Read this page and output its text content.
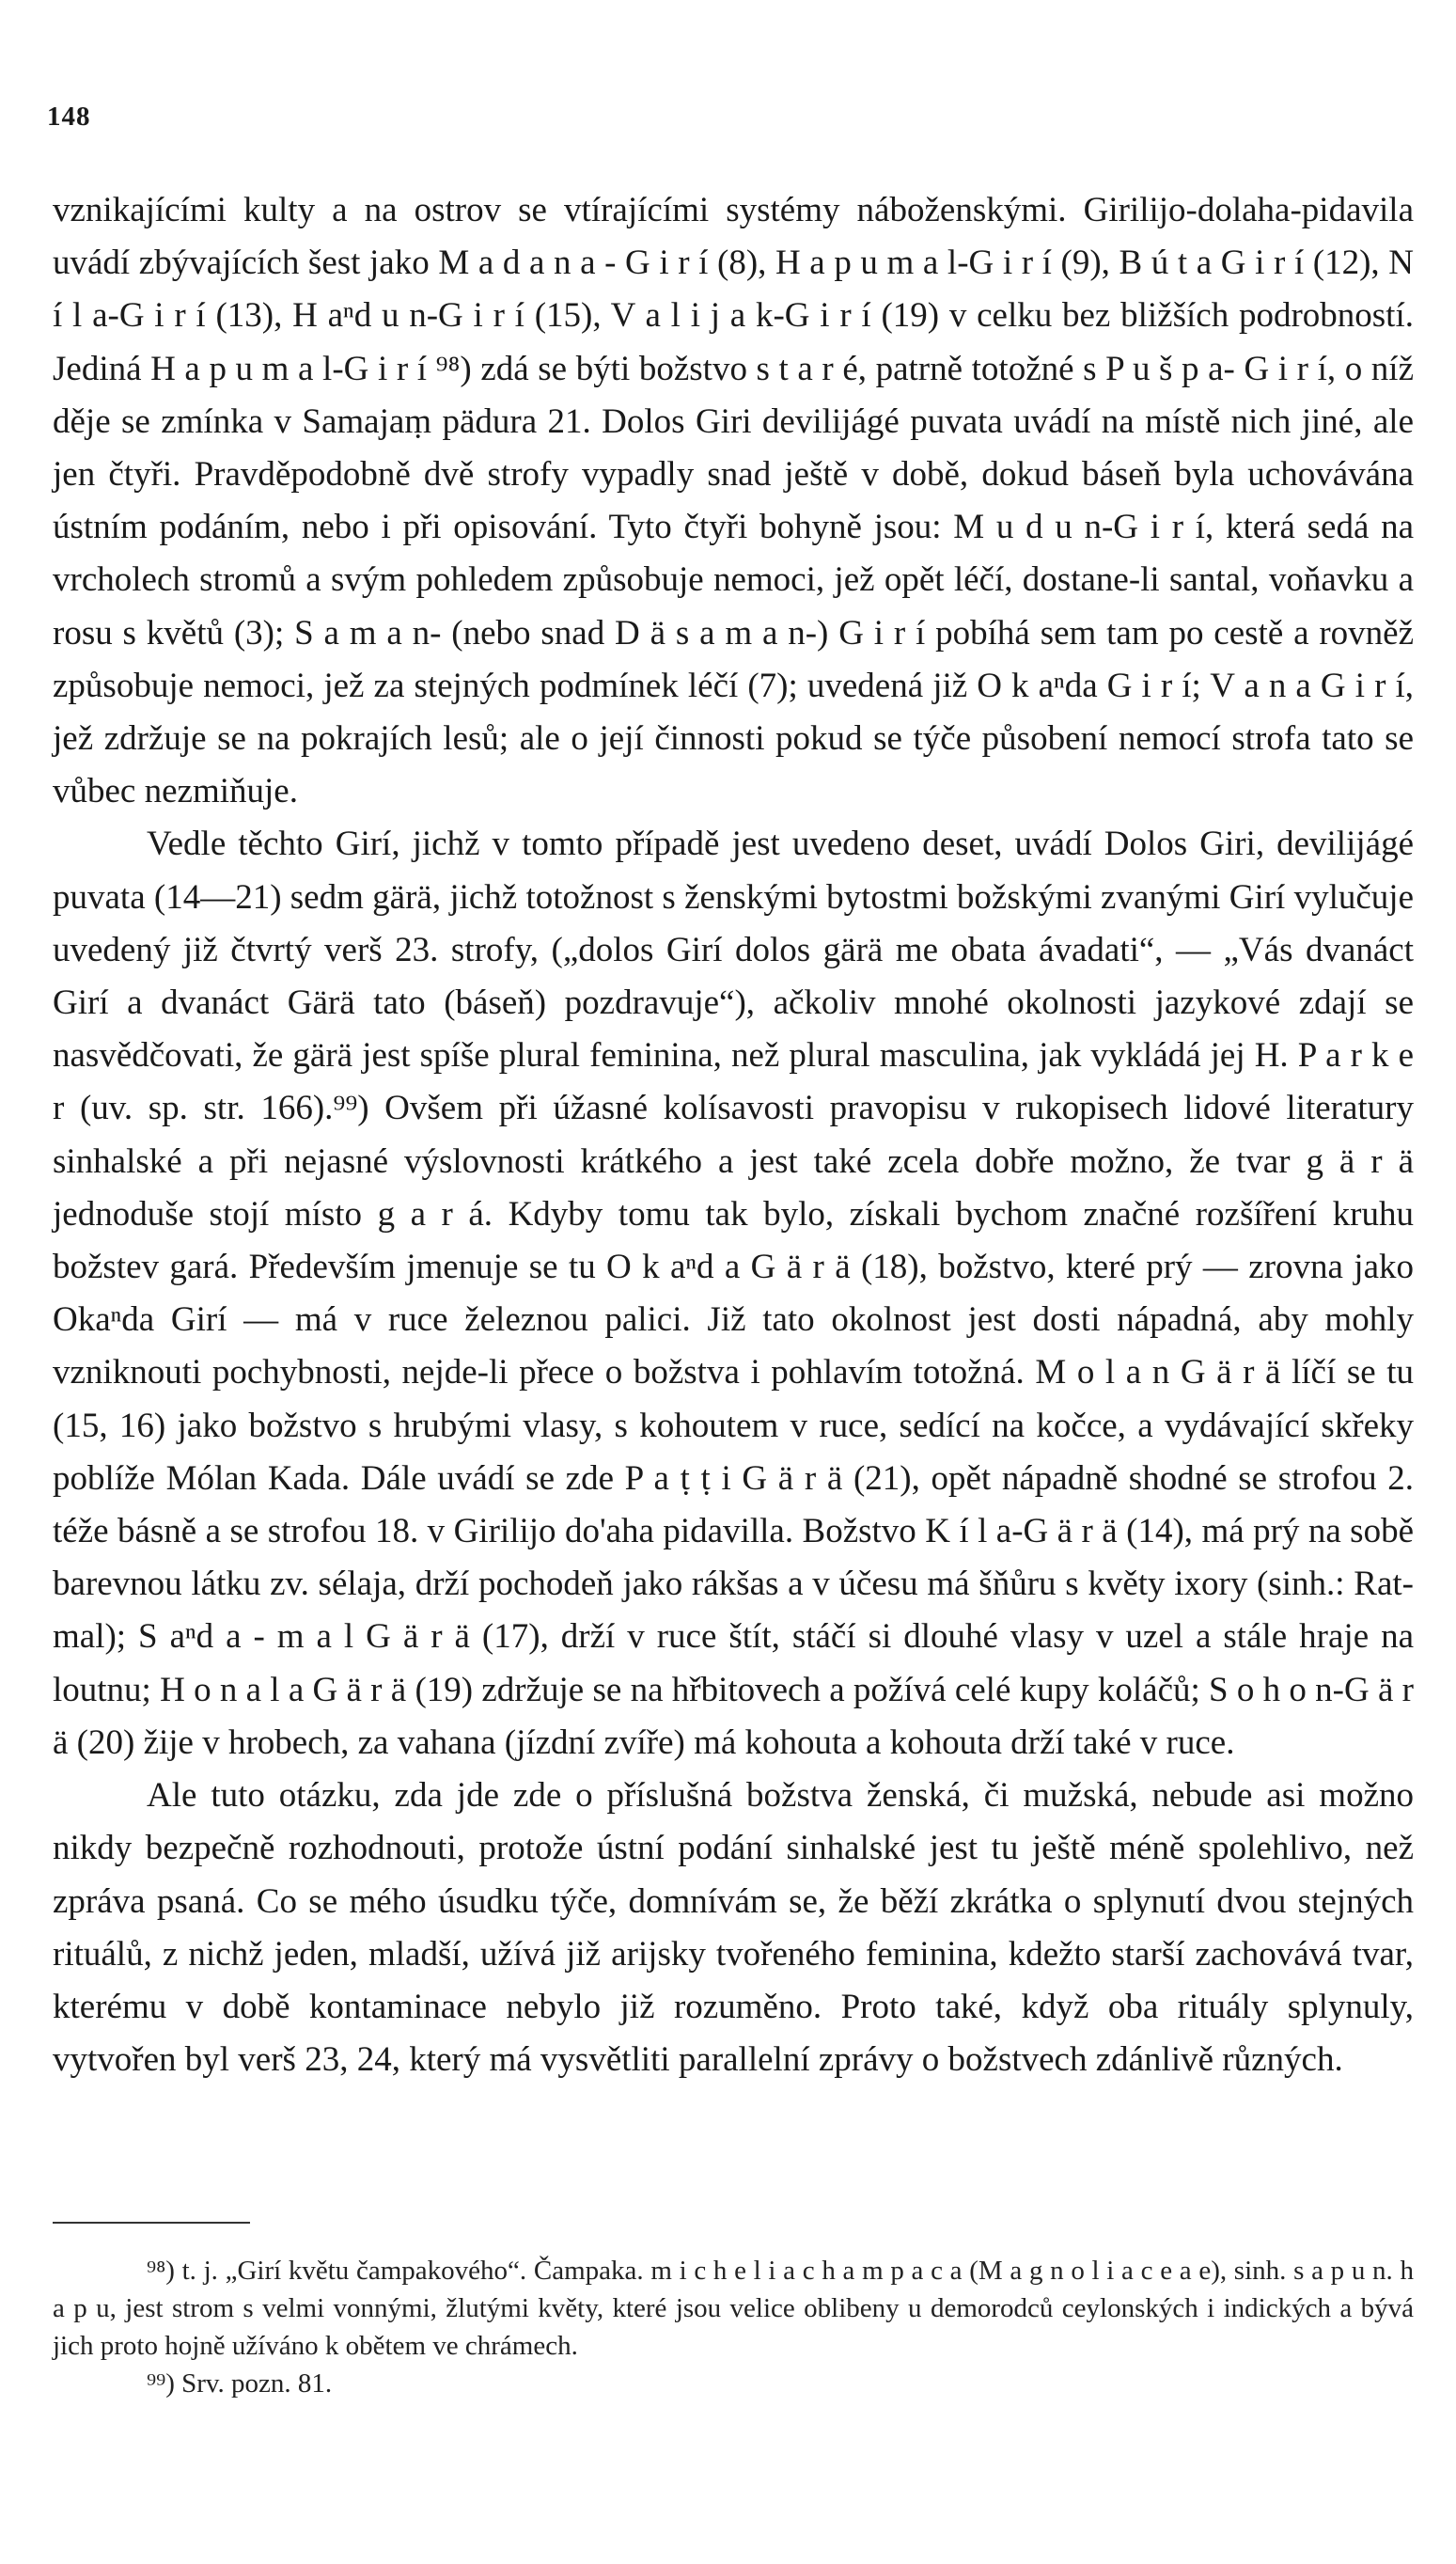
148

vznikajícími kulty a na ostrov se vtírajícími systémy náboženskými. Girilijo-dolaha-pidavila uvádí zbývajících šest jako M a d a n a - G i r í (8), H a p u m a l-G i r í (9), B ú t a G i r í (12), N í l a-G i r í (13), H aⁿd u n-G i r í (15), V a l i j a k-G i r í (19) v celku bez bližších podrobností. Jediná H a p u m a l-G i r í ⁹⁸) zdá se býti božstvo s t a r é, patrně totožné s P u š p a- G i r í, o níž děje se zmínka v Samajaṃ pädura 21. Dolos Giri devilijágé puvata uvádí na místě nich jiné, ale jen čtyři. Pravděpodobně dvě strofy vypadly snad ještě v době, dokud báseň byla uchovávána ústním podáním, nebo i při opisování. Tyto čtyři bohyně jsou: M u d u n-G i r í, která sedá na vrcholech stromů a svým pohledem způsobuje nemoci, jež opět léčí, dostane-li santal, voňavku a rosu s květů (3); S a m a n- (nebo snad D ä s a m a n-) G i r í pobíhá sem tam po cestě a rovněž způsobuje nemoci, jež za stejných podmínek léčí (7); uvedená již O k aⁿda G i r í; V a n a G i r í, jež zdržuje se na pokrajích lesů; ale o její činnosti pokud se týče působení nemocí strofa tato se vůbec nezmiňuje.

Vedle těchto Girí, jichž v tomto případě jest uvedeno deset, uvádí Dolos Giri, devilijágé puvata (14—21) sedm gärä, jichž totožnost s ženskými bytostmi božskými zvanými Girí vylučuje uvedený již čtvrtý verš 23. strofy, („dolos Girí dolos gärä me obata ávadati“, — „Vás dvanáct Girí a dvanáct Gärä tato (báseň) pozdravuje“), ačkoliv mnohé okolnosti jazykové zdají se nasvědčovati, že gärä jest spíše plural feminina, než plural masculina, jak vykládá jej H. P a r k e r (uv. sp. str. 166).⁹⁹) Ovšem při úžasné kolísavosti pravopisu v rukopisech lidové literatury sinhalské a při nejasné výslovnosti krátkého a jest také zcela dobře možno, že tvar g ä r ä jednoduše stojí místo g a r á. Kdyby tomu tak bylo, získali bychom značné rozšíření kruhu božstev gará. Především jmenuje se tu O k aⁿd a G ä r ä (18), božstvo, které prý — zrovna jako Okaⁿda Girí — má v ruce železnou palici. Již tato okolnost jest dosti nápadná, aby mohly vzniknouti pochybnosti, nejde-li přece o božstva i pohlavím totožná. M o l a n G ä r ä líčí se tu (15, 16) jako božstvo s hrubými vlasy, s kohoutem v ruce, sedící na kočce, a vydávající skřeky poblíže Mólan Kada. Dále uvádí se zde P a ṭ ṭ i G ä r ä (21), opět nápadně shodné se strofou 2. téže básně a se strofou 18. v Girilijo do'aha pidavilla. Božstvo K í l a-G ä r ä (14), má prý na sobě barevnou látku zv. sélaja, drží pochodeň jako rákšas a v účesu má šňůru s květy ixory (sinh.: Rat-mal); S aⁿd a - m a l G ä r ä (17), drží v ruce štít, stáčí si dlouhé vlasy v uzel a stále hraje na loutnu; H o n a l a G ä r ä (19) zdržuje se na hřbitovech a požívá celé kupy koláčů; S o h o n-G ä r ä (20) žije v hrobech, za vahana (jízdní zvíře) má kohouta a kohouta drží také v ruce.

Ale tuto otázku, zda jde zde o příslušná božstva ženská, či mužská, nebude asi možno nikdy bezpečně rozhodnouti, protože ústní podání sinhalské jest tu ještě méně spolehlivo, než zpráva psaná. Co se mého úsudku týče, domnívám se, že běží zkrátka o splynutí dvou stejných rituálů, z nichž jeden, mladší, užívá již arijsky tvořeného feminina, kdežto starší zachovává tvar, kterému v době kontaminace nebylo již rozuměno. Proto také, když oba rituály splynuly, vytvořen byl verš 23, 24, který má vysvětliti parallelní zprávy o božstvech zdánlivě různých.

⁹⁸) t. j. „Girí květu čampakového“. Čampaka. m i c h e l i a c h a m p a c a (M a g n o l i a c e a e), sinh. s a p u n. h a p u, jest strom s velmi vonnými, žlutými květy, které jsou velice oblibeny u demorodců ceylonských i indických a bývá jich proto hojně užíváno k obětem ve chrámech.

⁹⁹) Srv. pozn. 81.
